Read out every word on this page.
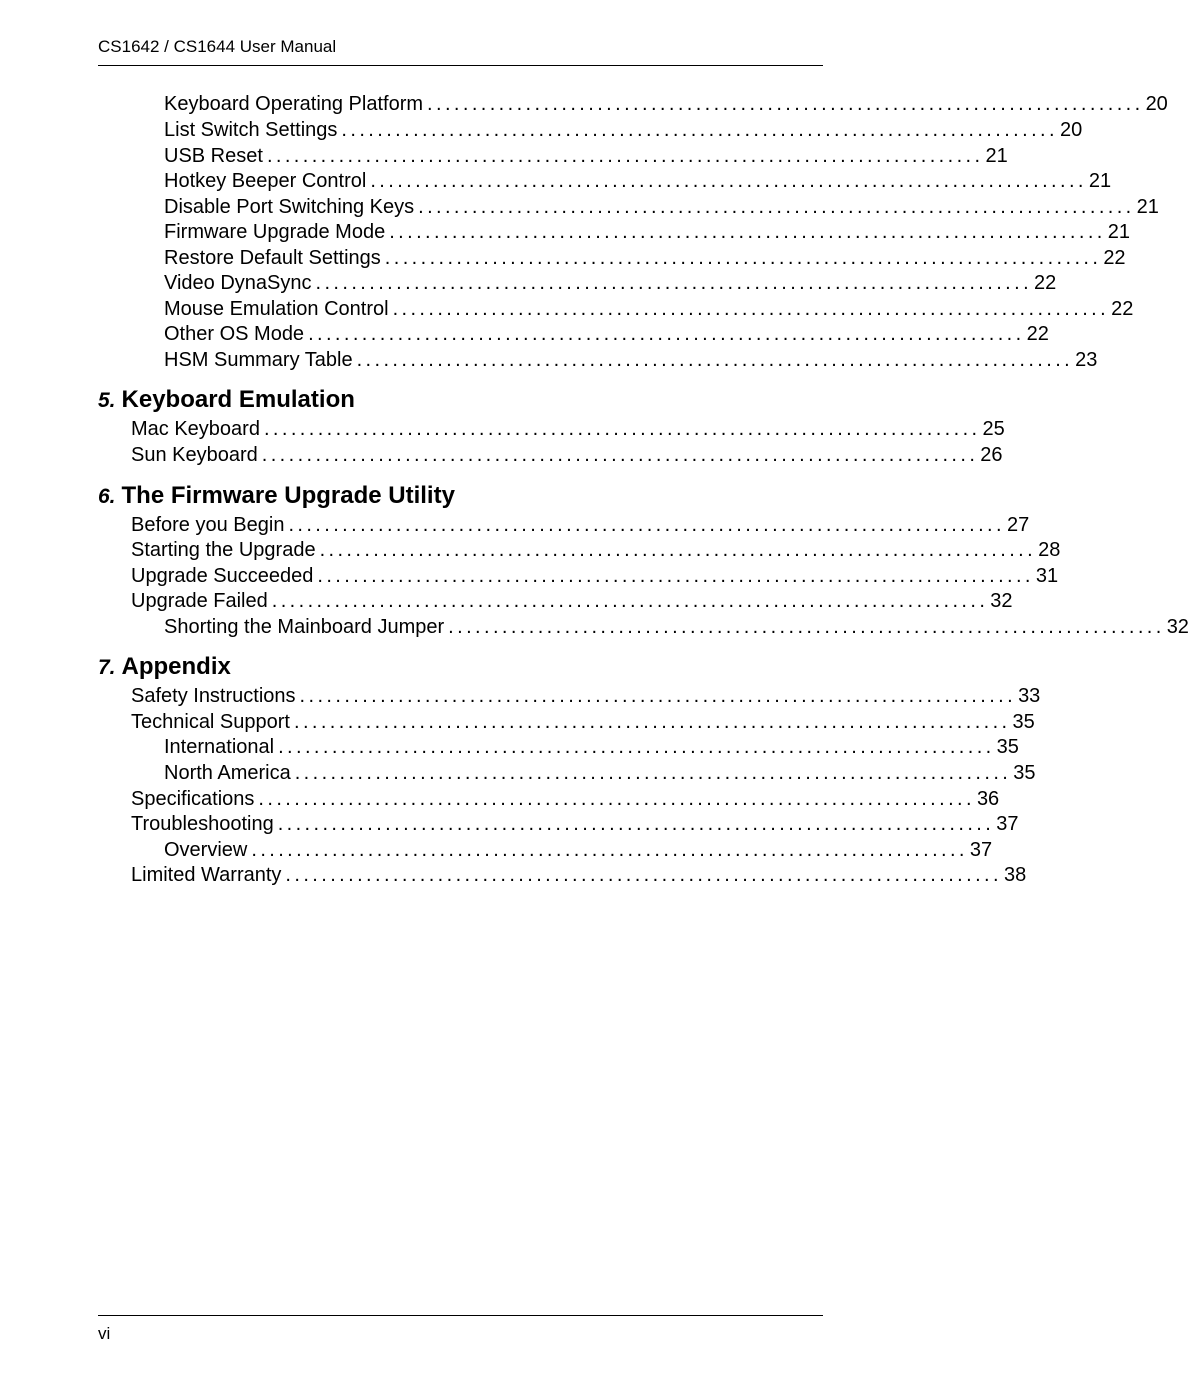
CS1642 / CS1644 User Manual
Keyboard Operating Platform ................................................................................ 20
List Switch Settings ................................................................................ 20
USB Reset ................................................................................ 21
Hotkey Beeper Control ................................................................................ 21
Disable Port Switching Keys ................................................................................ 21
Firmware Upgrade Mode ................................................................................ 21
Restore Default Settings ................................................................................ 22
Video DynaSync ................................................................................ 22
Mouse Emulation Control ................................................................................ 22
Other OS Mode ................................................................................ 22
HSM Summary Table ................................................................................ 23
5. Keyboard Emulation
Mac Keyboard ................................................................................ 25
Sun Keyboard ................................................................................ 26
6. The Firmware Upgrade Utility
Before you Begin ................................................................................ 27
Starting the Upgrade ................................................................................ 28
Upgrade Succeeded ................................................................................ 31
Upgrade Failed ................................................................................ 32
Shorting the Mainboard Jumper ................................................................................ 32
7. Appendix
Safety Instructions ................................................................................ 33
Technical Support ................................................................................ 35
International ................................................................................ 35
North America ................................................................................ 35
Specifications ................................................................................ 36
Troubleshooting ................................................................................ 37
Overview ................................................................................ 37
Limited Warranty ................................................................................ 38
vi
